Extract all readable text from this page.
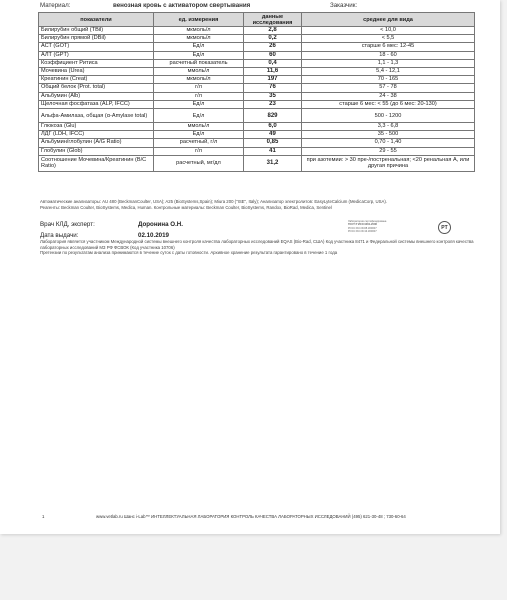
Материал:	венозная кровь с активатором свертывания	Заказчик:
показатели	ед. измерения	данные исследования	среднее для вида
Билирубин общий (TBil)	мкмоль/л	2,8	< 10,0
Билирубин прямой (DBil)	мкмоль/л	0,2	< 5,5
АСТ (GOT)	Ед/л	26	старше 6 мес: 12-45
АЛТ (GPT)	Ед/л	60	18 - 60
Коэффициент Ритиса	расчетный показатель	0,4	1,1 - 1,3
Мочевина (Urea)	ммоль/л	11,6	5,4 - 12,1
Креатинин (Creat)	мкмоль/л	197	70 - 165
Общий белок (Prot. total)	г/л	76	57 - 78
Альбумин (Alb)	г/л	35	24 - 38
Щелочная фосфатаза (ALP, IFCC)	Ед/л	23	старше 6 мес: < 55 (до 6 мес: 20-130)
Альфа-Амилаза, общая (α-Amylase total)	Ед/л	829	500 - 1200
Глюкоза (Glu)	ммоль/л	6,0	3,3 - 6,8
ЛДГ (LDH, IFCC)	Ед/л	49	35 - 500
Альбумин/глобулин (A/G Ratio)	расчетный, г/л	0,85	0,70 - 1,40
Глобулин (Glob)	г/л	41	29 - 55
Соотношение Мочевина/Креатинин (B/C Ratio)	расчетный, мг/дл	31,2	при азотемии: > 30 пре-/постренальная; <20 ренальная А, или другая причина
Автоматические анализаторы: AU 480 (BeckmanCoulter, USA); A25 (BioSystems,Spain); Miura 200 ("ISE", Italy); Анализатор электролитов: EasyLyteCalcium (MedicaCorp, USA).
Реагенты: Beckman Coulter, BioSystems, Medica, Human. Контрольные материалы: Beckman Coulter, BioSystems, Randox, BioRad, Medica, Sentinel
Врач КЛД, эксперт:	Доронина О.Н.
Дата выдачи:	02.10.2019
Лаборатория сертифицирована
ГОСТ Р ИСО 9001-2008
РОСС RU.ИС08.К00007
РОСС RU.ИС13.К00007
PT
Лаборатория является участником Международной системы внешнего контроля качества лабораторных исследований EQAS (Bio-Rad, США) Код участника 8471 и Федеральной системы внешнего контроля качества лабораторных исследований МЗ РФ ФСВОК (Код участника 10706)
Претензии по результатам анализа принимаются в течение суток с даты готовности. Архивное хранение результата гарантировано в течение 1 года
1	www.vetlab.ru Шанс i-Lab™ ИНТЕЛЛЕКТУАЛЬНАЯ ЛАБОРАТОРИЯ КОНТРОЛЬ КАЧЕСТВА ЛАБОРАТОРНЫХ ИССЛЕДОВАНИЙ (495) 621-30-48 ; 730-60-64
